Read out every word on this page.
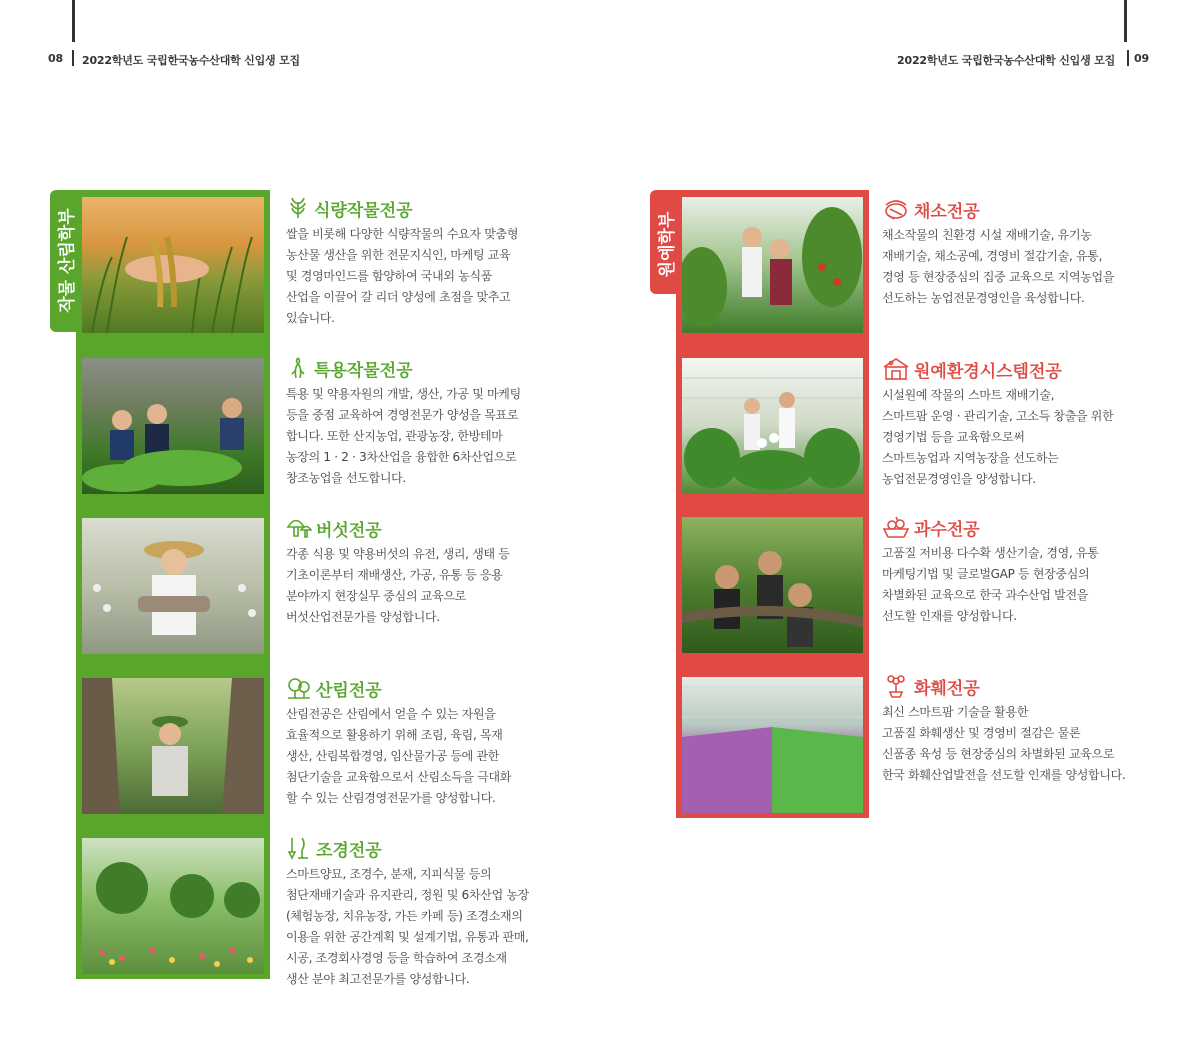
08 2022학년도 국립한국농수산대학 신입생 모집	2022학년도 국립한국농수산대학 신입생 모집 09
작물 산림학부	원예학부
식량작물전공
쌀을 비롯해 다양한 식량작물의 수요자 맞춤형
농산물 생산을 위한 전문지식인, 마케팅 교육
및 경영마인드를 함양하여 국내외 농식품
산업을 이끌어 갈 리더 양성에 초점을 맞추고
있습니다.
특용작물전공
특용 및 약용자원의 개발, 생산, 가공 및 마케팅
등을 중점 교육하여 경영전문가 양성을 목표로
합니다. 또한 산지농업, 관광농장, 한방테마
농장의 1 · 2 · 3차산업을 융합한 6차산업으로
창조농업을 선도합니다.
버섯전공
각종 식용 및 약용버섯의 유전, 생리, 생태 등
기초이론부터 재배생산, 가공, 유통 등 응용
분야까지 현장실무 중심의 교육으로
버섯산업전문가를 양성합니다.
산림전공
산림전공은 산림에서 얻을 수 있는 자원을
효율적으로 활용하기 위해 조림, 육림, 목재
생산, 산림복합경영, 임산물가공 등에 관한
첨단기술을 교육함으로서 산림소득을 극대화
할 수 있는 산림경영전문가를 양성합니다.
조경전공
스마트양묘, 조경수, 분재, 지피식물 등의
첨단재배기술과 유지관리, 정원 및 6차산업 농장
(체험농장, 치유농장, 가든 카페 등) 조경소재의
이용을 위한 공간계획 및 설계기법, 유통과 판매,
시공, 조경회사경영 등을 학습하여 조경소재
생산 분야 최고전문가를 양성합니다.
채소전공
채소작물의 친환경 시설 재배기술, 유기농
재배기술, 채소공예, 경영비 절감기술, 유통,
경영 등 현장중심의 집중 교육으로 지역농업을
선도하는 농업전문경영인을 육성합니다.
원예환경시스템전공
시설원예 작물의 스마트 재배기술,
스마트팜 운영 · 관리기술, 고소득 창출을 위한
경영기법 등을 교육함으로써
스마트농업과 지역농장을 선도하는
농업전문경영인을 양성합니다.
과수전공
고품질 저비용 다수확 생산기술, 경영, 유통
마케팅기법 및 글로벌GAP 등 현장중심의
차별화된 교육으로 한국 과수산업 발전을
선도할 인재를 양성합니다.
화훼전공
최신 스마트팜 기술을 활용한
고품질 화훼생산 및 경영비 절감은 물론
신품종 육성 등 현장중심의 차별화된 교육으로
한국 화훼산업발전을 선도할 인재를 양성합니다.
